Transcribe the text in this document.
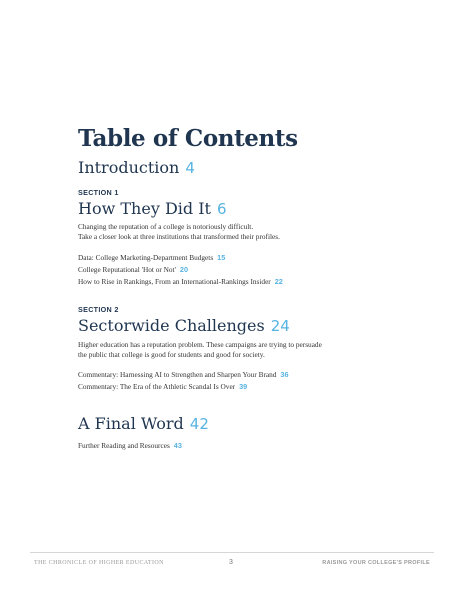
Table of Contents
Introduction 4
SECTION 1
How They Did It 6
Changing the reputation of a college is notoriously difficult.
Take a closer look at three institutions that transformed their profiles.
Data: College Marketing-Department Budgets 15
College Reputational 'Hot or Not' 20
How to Rise in Rankings, From an International-Rankings Insider 22
SECTION 2
Sectorwide Challenges 24
Higher education has a reputation problem. These campaigns are trying to persuade
the public that college is good for students and good for society.
Commentary: Harnessing AI to Strengthen and Sharpen Your Brand 36
Commentary: The Era of the Athletic Scandal Is Over 39
A Final Word 42
Further Reading and Resources 43
THE CHRONICLE OF HIGHER EDUCATION	3	RAISING YOUR COLLEGE'S PROFILE
